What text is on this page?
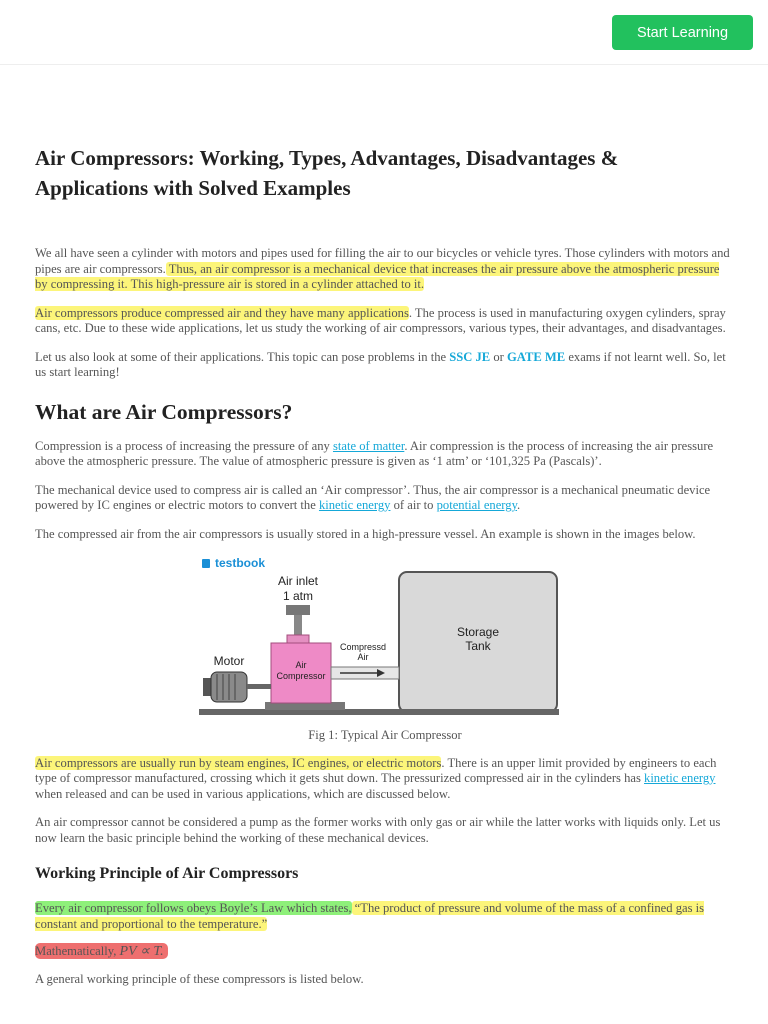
Start Learning
Air Compressors: Working, Types, Advantages, Disadvantages & Applications with Solved Examples

We all have seen a cylinder with motors and pipes used for filling the air to our bicycles or vehicle tyres. Those cylinders with motors and pipes are air compressors. Thus, an air compressor is a mechanical device that increases the air pressure above the atmospheric pressure by compressing it. This high-pressure air is stored in a cylinder attached to it.

Air compressors produce compressed air and they have many applications. The process is used in manufacturing oxygen cylinders, spray cans, etc. Due to these wide applications, let us study the working of air compressors, various types, their advantages, and disadvantages.

Let us also look at some of their applications. This topic can pose problems in the SSC JE or GATE ME exams if not learnt well. So, let us start learning!

What are Air Compressors?

Compression is a process of increasing the pressure of any state of matter. Air compression is the process of increasing the air pressure above the atmospheric pressure. The value of atmospheric pressure is given as ‘1 atm’ or ‘101,325 Pa (Pascals)’.

The mechanical device used to compress air is called an ‘Air compressor’. Thus, the air compressor is a mechanical pneumatic device powered by IC engines or electric motors to convert the kinetic energy of air to potential energy.

The compressed air from the air compressors is usually stored in a high-pressure vessel. An example is shown in the images below.

testbook
Storage
Tank
Air inlet
1 atm
Air
Compressor
Compressd
Air
Motor

Fig 1: Typical Air Compressor

Air compressors are usually run by steam engines, IC engines, or electric motors. There is an upper limit provided by engineers to each type of compressor manufactured, crossing which it gets shut down. The pressurized compressed air in the cylinders has kinetic energy when released and can be used in various applications, which are discussed below.

An air compressor cannot be considered a pump as the former works with only gas or air while the latter works with liquids only. Let us now learn the basic principle behind the working of these mechanical devices.

Working Principle of Air Compressors

Every air compressor follows obeys Boyle’s Law which states, “The product of pressure and volume of the mass of a confined gas is constant and proportional to the temperature.”

Mathematically, PV ∝ T.

A general working principle of these compressors is listed below.
